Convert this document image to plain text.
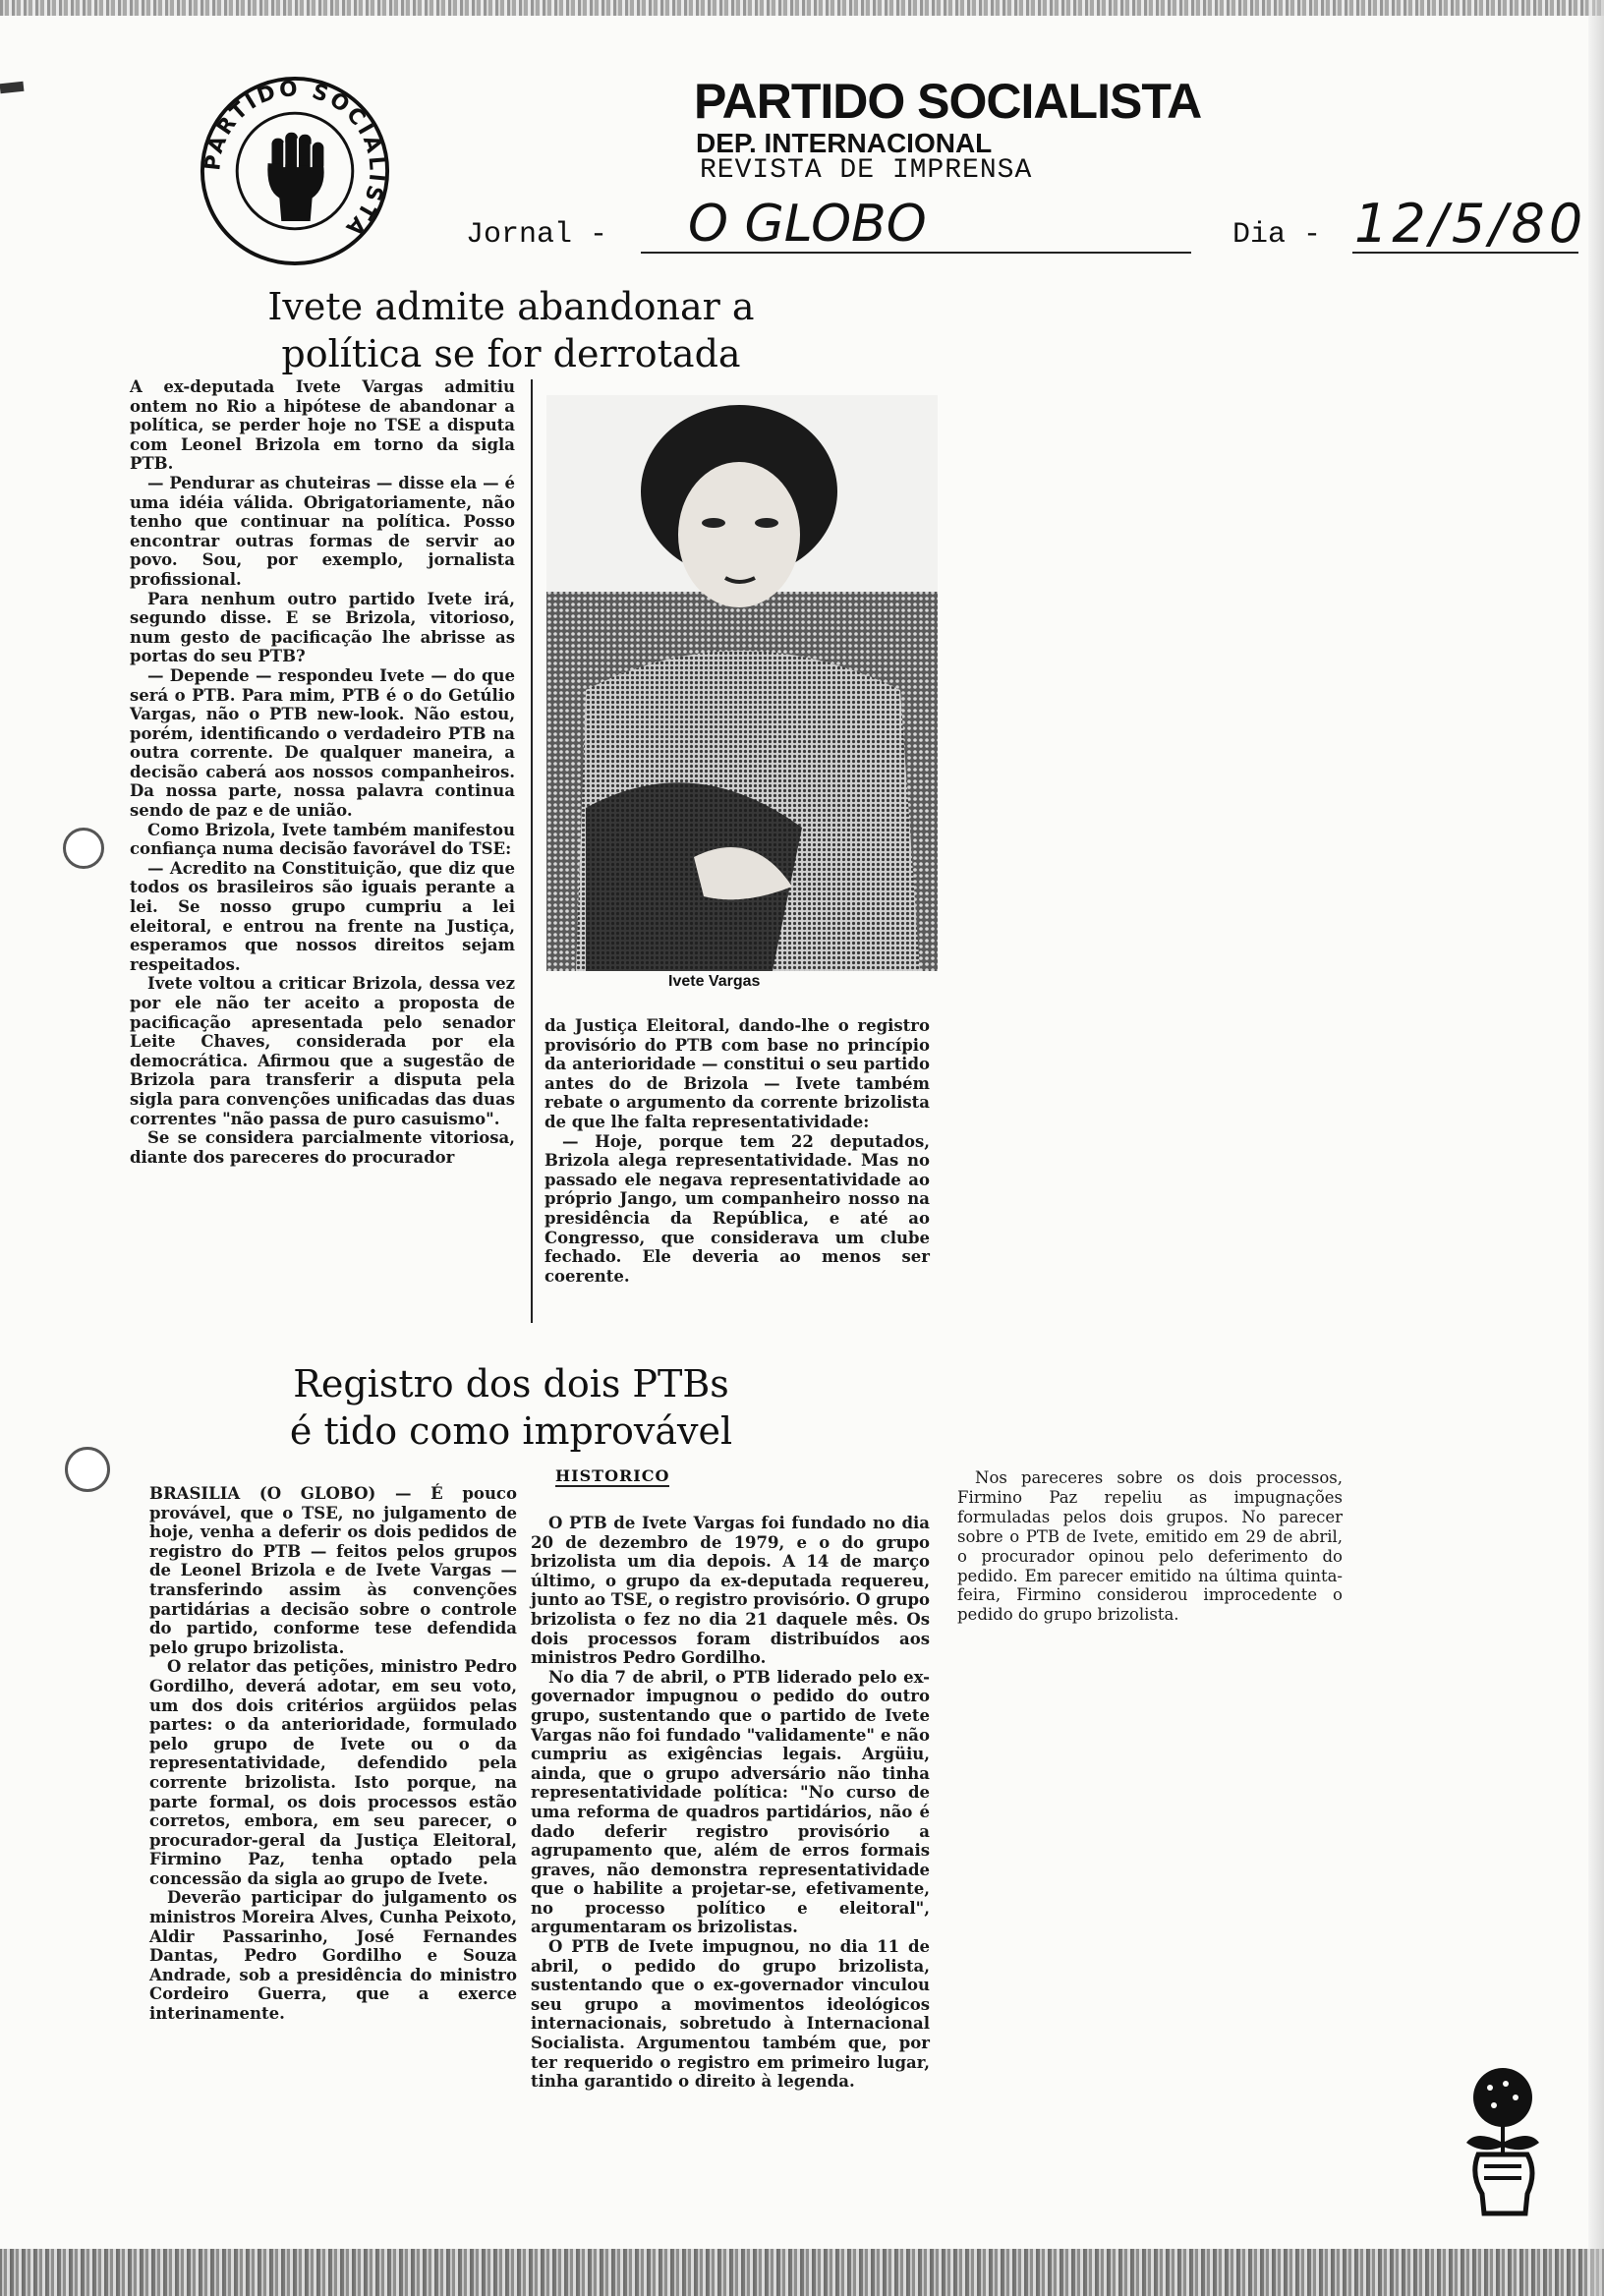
PARTIDO SOCIALISTA
PARTIDO SOCIALISTA
DEP. INTERNACIONAL
REVISTA DE IMPRENSA
Jornal - O GLOBO	Dia - 12/5/80
Ivete admite abandonar a
política se for derrotada

A ex-deputada Ivete Vargas admitiu ontem no Rio a hipótese de abandonar a política, se perder hoje no TSE a disputa com Leonel Brizola em torno da sigla PTB.

— Pendurar as chuteiras — disse ela — é uma idéia válida. Obrigatoriamente, não tenho que continuar na política. Posso encontrar outras formas de servir ao povo. Sou, por exemplo, jornalista profissional.

Para nenhum outro partido Ivete irá, segundo disse. E se Brizola, vitorioso, num gesto de pacificação lhe abrisse as portas do seu PTB?

— Depende — respondeu Ivete — do que será o PTB. Para mim, PTB é o do Getúlio Vargas, não o PTB new-look. Não estou, porém, identificando o verdadeiro PTB na outra corrente. De qualquer maneira, a decisão caberá aos nossos companheiros. Da nossa parte, nossa palavra continua sendo de paz e de união.

Como Brizola, Ivete também manifestou confiança numa decisão favorável do TSE:

— Acredito na Constituição, que diz que todos os brasileiros são iguais perante a lei. Se nosso grupo cumpriu a lei eleitoral, e entrou na frente na Justiça, esperamos que nossos direitos sejam respeitados.

Ivete voltou a criticar Brizola, dessa vez por ele não ter aceito a proposta de pacificação apresentada pelo senador Leite Chaves, considerada por ela democrática. Afirmou que a sugestão de Brizola para transferir a disputa pela sigla para convenções unificadas das duas correntes "não passa de puro casuismo".

Se se considera parcialmente vitoriosa, diante dos pareceres do procurador

Ivete Vargas

da Justiça Eleitoral, dando-lhe o registro provisório do PTB com base no princípio da anterioridade — constitui o seu partido antes do de Brizola — Ivete também rebate o argumento da corrente brizolista de que lhe falta representatividade:

— Hoje, porque tem 22 deputados, Brizola alega representatividade. Mas no passado ele negava representatividade ao próprio Jango, um companheiro nosso na presidência da República, e até ao Congresso, que considerava um clube fechado. Ele deveria ao menos ser coerente.

Registro dos dois PTBs
é tido como improvável

BRASILIA (O GLOBO) — É pouco provável, que o TSE, no julgamento de hoje, venha a deferir os dois pedidos de registro do PTB — feitos pelos grupos de Leonel Brizola e de Ivete Vargas — transferindo assim às convenções partidárias a decisão sobre o controle do partido, conforme tese defendida pelo grupo brizolista.

O relator das petições, ministro Pedro Gordilho, deverá adotar, em seu voto, um dos dois critérios argüidos pelas partes: o da anterioridade, formulado pelo grupo de Ivete ou o da representatividade, defendido pela corrente brizolista. Isto porque, na parte formal, os dois processos estão corretos, embora, em seu parecer, o procurador-geral da Justiça Eleitoral, Firmino Paz, tenha optado pela concessão da sigla ao grupo de Ivete.

Deverão participar do julgamento os ministros Moreira Alves, Cunha Peixoto, Aldir Passarinho, José Fernandes Dantas, Pedro Gordilho e Souza Andrade, sob a presidência do ministro Cordeiro Guerra, que a exerce interinamente.

HISTORICO

O PTB de Ivete Vargas foi fundado no dia 20 de dezembro de 1979, e o do grupo brizolista um dia depois. A 14 de março último, o grupo da ex-deputada requereu, junto ao TSE, o registro provisório. O grupo brizolista o fez no dia 21 daquele mês. Os dois processos foram distribuídos aos ministros Pedro Gordilho.

No dia 7 de abril, o PTB liderado pelo ex-governador impugnou o pedido do outro grupo, sustentando que o partido de Ivete Vargas não foi fundado "validamente" e não cumpriu as exigências legais. Argüiu, ainda, que o grupo adversário não tinha representatividade política: "No curso de uma reforma de quadros partidários, não é dado deferir registro provisório a agrupamento que, além de erros formais graves, não demonstra representatividade que o habilite a projetar-se, efetivamente, no processo político e eleitoral", argumentaram os brizolistas.

O PTB de Ivete impugnou, no dia 11 de abril, o pedido do grupo brizolista, sustentando que o ex-governador vinculou seu grupo a movimentos ideológicos internacionais, sobretudo à Internacional Socialista. Argumentou também que, por ter requerido o registro em primeiro lugar, tinha garantido o direito à legenda.

Nos pareceres sobre os dois processos, Firmino Paz repeliu as impugnações formuladas pelos dois grupos. No parecer sobre o PTB de Ivete, emitido em 29 de abril, o procurador opinou pelo deferimento do pedido. Em parecer emitido na última quinta-feira, Firmino considerou improcedente o pedido do grupo brizolista.
